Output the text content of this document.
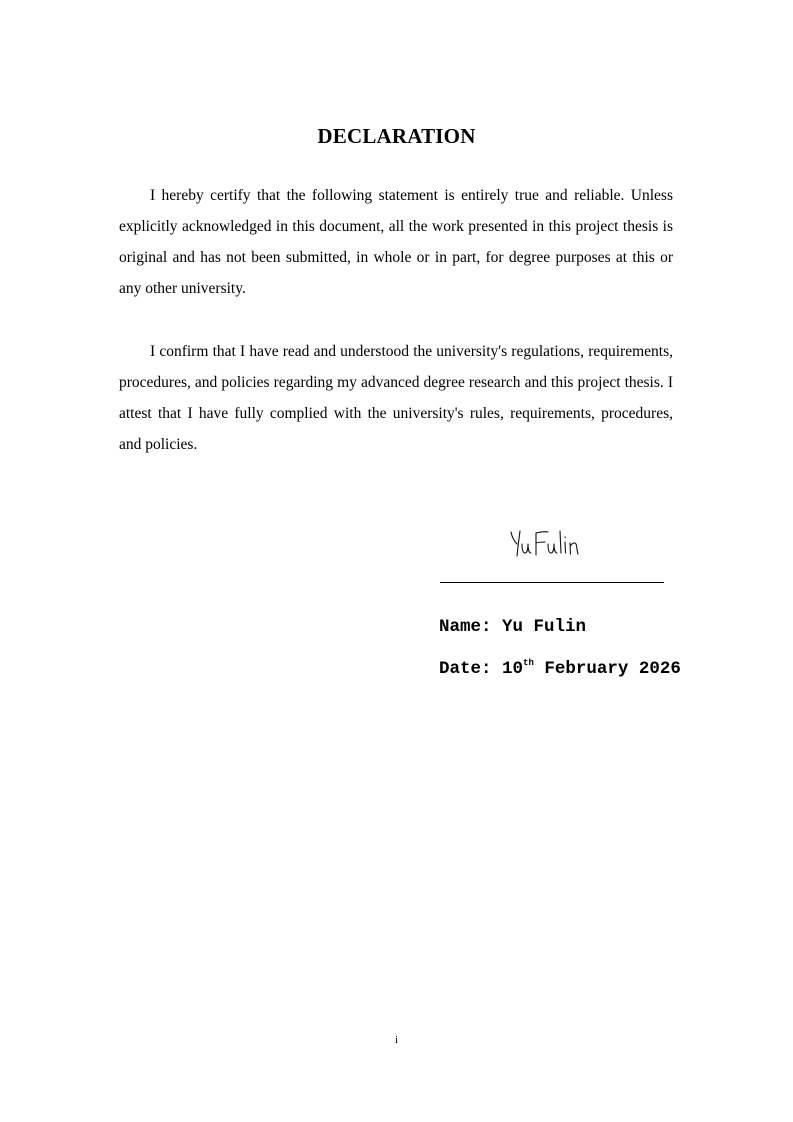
DECLARATION

I hereby certify that the following statement is entirely true and reliable. Unless explicitly acknowledged in this document, all the work presented in this project thesis is original and has not been submitted, in whole or in part, for degree purposes at this or any other university.

I confirm that I have read and understood the university's regulations, requirements, procedures, and policies regarding my advanced degree research and this project thesis. I attest that I have fully complied with the university's rules, requirements, procedures, and policies.

YuFulin

Name: Yu Fulin

Date: 10th February 2026

i
